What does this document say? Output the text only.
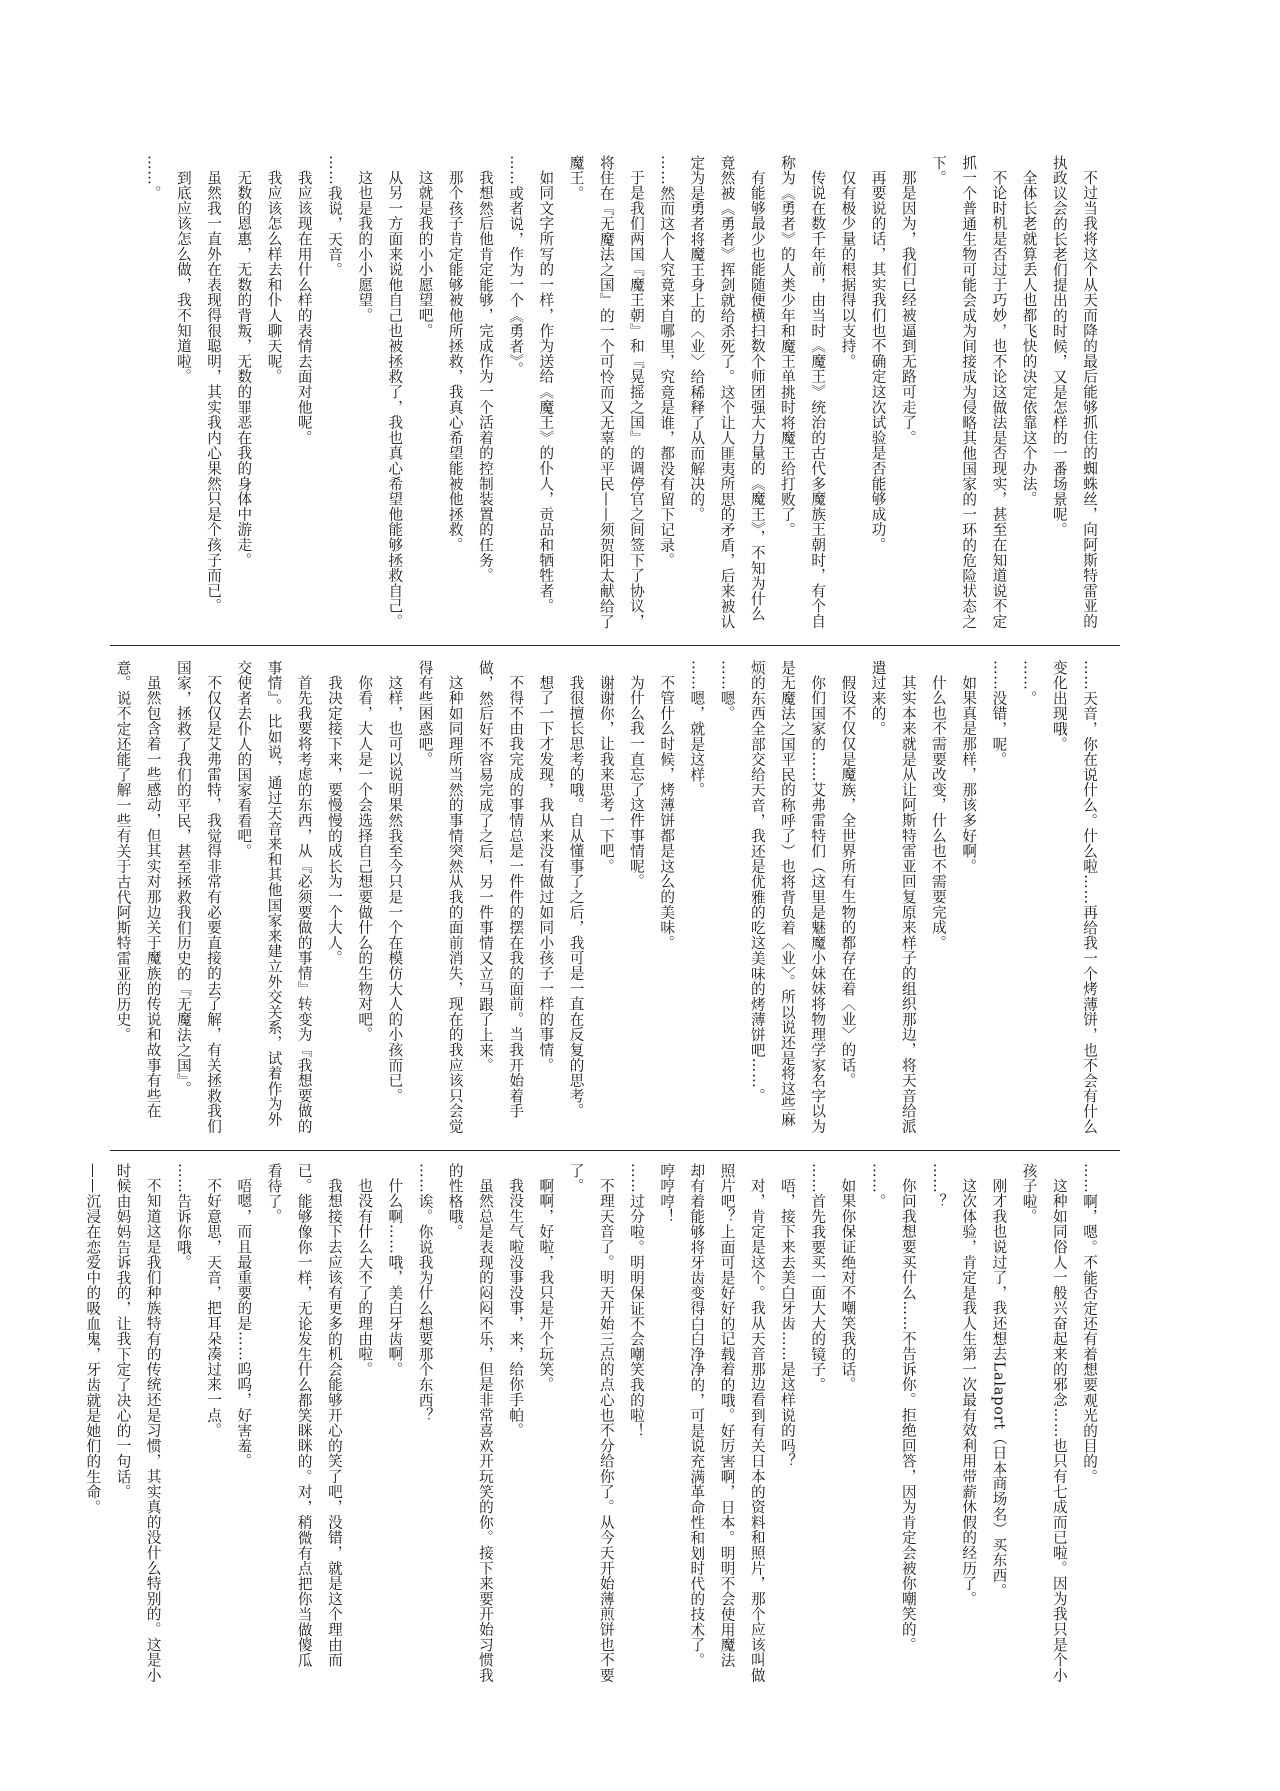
不过当我将这个从天而降的最后能够抓住的蜘蛛丝，向阿斯特雷亚的执政议会的长老们提出的时候，又是怎样的一番场景呢。

全体长老就算丢人也都飞快的决定依靠这个办法。

不论时机是否过于巧妙，也不论这做法是否现实，甚至在知道说不定抓一个普通生物可能会成为间接成为侵略其他国家的一环的危险状态之下。

那是因为，我们已经被逼到无路可走了。

再要说的话，其实我们也不确定这次试验是否能够成功。

仅有极少量的根据得以支持。

传说在数千年前，由当时《魔王》统治的古代多魔族王朝时，有个自称为《勇者》的人类少年和魔王单挑时将魔王给打败了。

有能够最少也能随便横扫数个师团强大力量的《魔王》，不知为什么竟然被《勇者》挥剑就给杀死了。这个让人匪夷所思的矛盾，后来被认定为是勇者将魔王身上的〈业〉给稀释了从而解决的。

……然而这个人究竟来自哪里，究竟是谁，都没有留下记录。

于是我们两国『魔王朝』和『晃摇之国』的调停官之间签下了协议，将住在『无魔法之国』的一个可怜而又无辜的平民——须贺阳太献给了魔王。

如同文字所写的一样，作为送给《魔王》的仆人，贡品和牺牲者。

……或者说，作为一个《勇者》。

我想然后他肯定能够，完成作为一个活着的控制装置的任务。

那个孩子肯定能够被他所拯救，我真心希望能被他拯救。

这就是我的小小愿望吧。

从另一方面来说他自己也被拯救了，我也真心希望他能够拯救自己。

这也是我的小小愿望。

……我说，天音。

我应该现在用什么样的表情去面对他呢。

我应该怎么样去和仆人聊天呢。

无数的恩惠，无数的背叛，无数的罪恶在我的身体中游走。

虽然我一直外在表现得很聪明，其实我内心果然只是个孩子而已。

到底应该怎么做，我不知道啦。

……。

……天音，你在说什么。什么啦……再给我一个烤薄饼，也不会有什么变化出现哦。

……。

……没错，呢。

如果真是那样，那该多好啊。

什么也不需要改变，什么也不需要完成。

其实本来就是从让阿斯特雷亚回复原来样子的组织那边，将天音给派遣过来的。

假设不仅仅是魔族，全世界所有生物的都存在着〈业〉的话。

你们国家的……艾弗雷特们（这里是魅魔小妹妹将物理学家名字以为是无魔法之国平民的称呼了）也将背负着〈业〉。所以说还是将这些麻烦的东西全部交给天音，我还是优雅的吃这美味的烤薄饼吧……。

……嗯。

……嗯，就是这样。

不管什么时候，烤薄饼都是这么的美味。

为什么我一直忘了这件事情呢。

谢谢你，让我来思考一下吧。

我很擅长思考的哦。自从懂事了之后，我可是一直在反复的思考。

想了一下才发现，我从来没有做过如同小孩子一样的事情。

不得不由我完成的事情总是一件件的摆在我的面前。当我开始着手做，然后好不容易完成了之后，另一件事情又立马跟了上来。

这种如同理所当然的事情突然从我的面前消失，现在的我应该只会觉得有些困惑吧。

这样，也可以说明果然我至今只是一个在模仿大人的小孩而已。

你看，大人是一个会选择自己想要做什么的生物对吧。

我决定接下来，要慢慢的成长为一个大人。

首先我要将考虑的东西，从『必须要做的事情』转变为『我想要做的事情』。比如说，通过天音来和其他国家来建立外交关系，试着作为外交使者去仆人的国家看看吧。

不仅仅是艾弗雷特，我觉得非常有必要直接的去了解，有关拯救我们国家，拯救了我们的平民，甚至拯救我们历史的『无魔法之国』。

虽然包含着一些感动，但其实对那边关于魔族的传说和故事有些在意。说不定还能了解一些有关于古代阿斯特雷亚的历史。

……啊，嗯。不能否定还有着想要观光的目的。

这种如同俗人一般兴奋起来的邪念……也只有七成而已啦。因为我只是个小孩子啦。

刚才我也说过了，我还想去Lalaport（日本商场名）买东西。

这次体验，肯定是我人生第一次最有效利用带薪休假的经历了。

……？

你问我想要买什么……不告诉你。拒绝回答，因为肯定会被你嘲笑的。

……。

如果你保证绝对不嘲笑我的话。

……首先我要买一面大大的镜子。

唔，接下来去美白牙齿……是这样说的吗？

对，肯定是这个。我从天音那边看到有关日本的资料和照片，那个应该叫做照片吧？上面可是好好的记载着的哦。好厉害啊，日本。明明不会使用魔法却有着能够将牙齿变得白白净净的，可是说充满革命性和划时代的技术了。哼哼哼！

……过分啦。明明保证不会嘲笑我的啦！

不理天音了。明天开始三点的点心也不分给你了。从今天开始薄煎饼也不要了。

啊啊，好啦，我只是开个玩笑。

我没生气啦没事没事，来，给你手帕。

虽然总是表现的闷闷不乐，但是非常喜欢开玩笑的你。接下来要开始习惯我的性格哦。

……诶。你说我为什么想要那个东西？

什么啊……哦，美白牙齿啊。

也没有什么大不了的理由啦。

我想接下去应该有更多的机会能够开心的笑了吧，没错，就是这个理由而已。能够像你一样，无论发生什么都笑眯眯的。对，稍微有点把你当做傻瓜看待了。

唔嗯，而且最重要的是……呜呜，好害羞。

不好意思，天音，把耳朵凑过来一点。

……告诉你哦。

不知道这是我们种族特有的传统还是习惯，其实真的没什么特别的。这是小时候由妈妈告诉我的，让我下定了决心的一句话。

——沉浸在恋爱中的吸血鬼，牙齿就是她们的生命。
